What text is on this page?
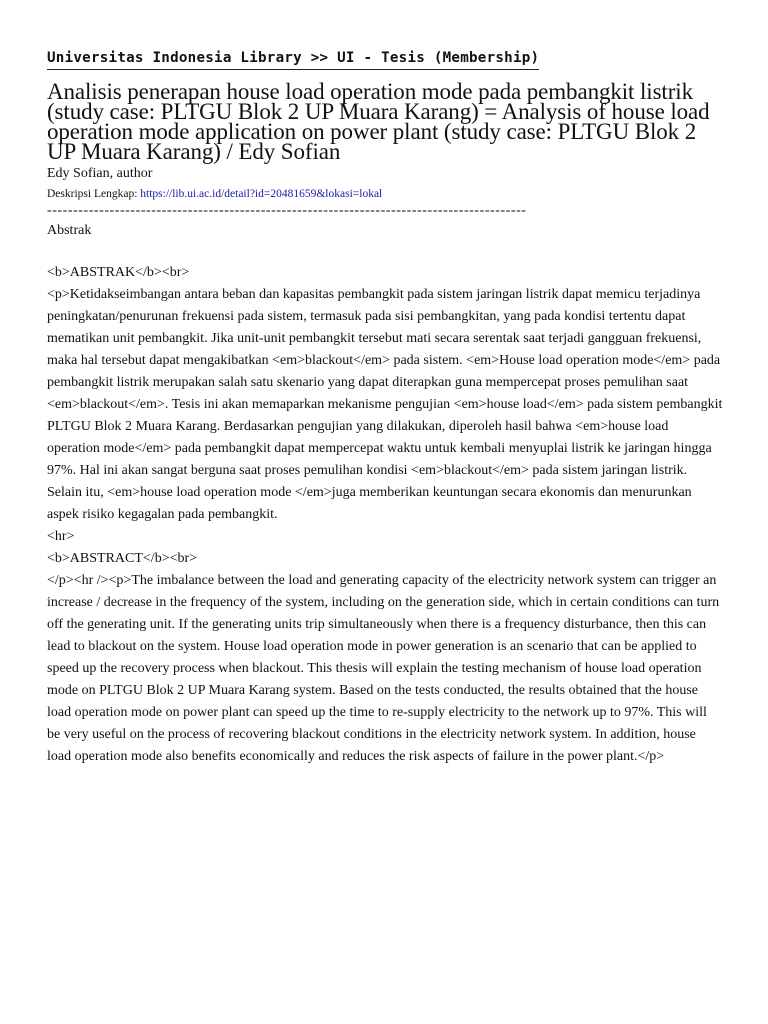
Universitas Indonesia Library >> UI - Tesis (Membership)
Analisis penerapan house load operation mode pada pembangkit listrik (study case: PLTGU Blok 2 UP Muara Karang) = Analysis of house load operation mode application on power plant (study case: PLTGU Blok 2 UP Muara Karang) / Edy Sofian
Edy Sofian, author
Deskripsi Lengkap: https://lib.ui.ac.id/detail?id=20481659&lokasi=lokal
--------------------------------------------------------------------------------------------
Abstrak
<b>ABSTRAK</b><br>
<p>Ketidakseimbangan antara beban dan kapasitas pembangkit pada sistem jaringan listrik dapat memicu terjadinya peningkatan/penurunan frekuensi pada sistem, termasuk pada sisi pembangkitan, yang pada kondisi tertentu dapat mematikan unit pembangkit. Jika unit-unit pembangkit tersebut mati secara serentak saat terjadi gangguan frekuensi, maka hal tersebut dapat mengakibatkan <em>blackout</em> pada sistem. <em>House load operation mode</em> pada pembangkit listrik merupakan salah satu skenario yang dapat diterapkan guna mempercepat proses pemulihan saat <em>blackout</em>. Tesis ini akan memaparkan mekanisme pengujian <em>house load</em> pada sistem pembangkit PLTGU Blok 2 Muara Karang. Berdasarkan pengujian yang dilakukan, diperoleh hasil bahwa <em>house load operation mode</em> pada pembangkit dapat mempercepat waktu untuk kembali menyuplai listrik ke jaringan hingga 97%. Hal ini akan sangat berguna saat proses pemulihan kondisi <em>blackout</em> pada sistem jaringan listrik. Selain itu, <em>house load operation mode </em>juga memberikan keuntungan secara ekonomis dan menurunkan aspek risiko kegagalan pada pembangkit.
<hr>
<b>ABSTRACT</b><br>
</p><hr /><p>The imbalance between the load and generating capacity of the electricity network system can trigger an increase / decrease in the frequency of the system, including on the generation side, which in certain conditions can turn off the generating unit. If the generating units trip simultaneously when there is a frequency disturbance, then this can lead to blackout on the system. House load operation mode in power generation is an scenario that can be applied to speed up the recovery process when blackout. This thesis will explain the testing mechanism of house load operation mode on PLTGU Blok 2 UP Muara Karang system. Based on the tests conducted, the results obtained that the house load operation mode on power plant can speed up the time to re-supply electricity to the network up to 97%. This will be very useful on the process of recovering blackout conditions in the electricity network system. In addition, house load operation mode also benefits economically and reduces the risk aspects of failure in the power plant.</p>
